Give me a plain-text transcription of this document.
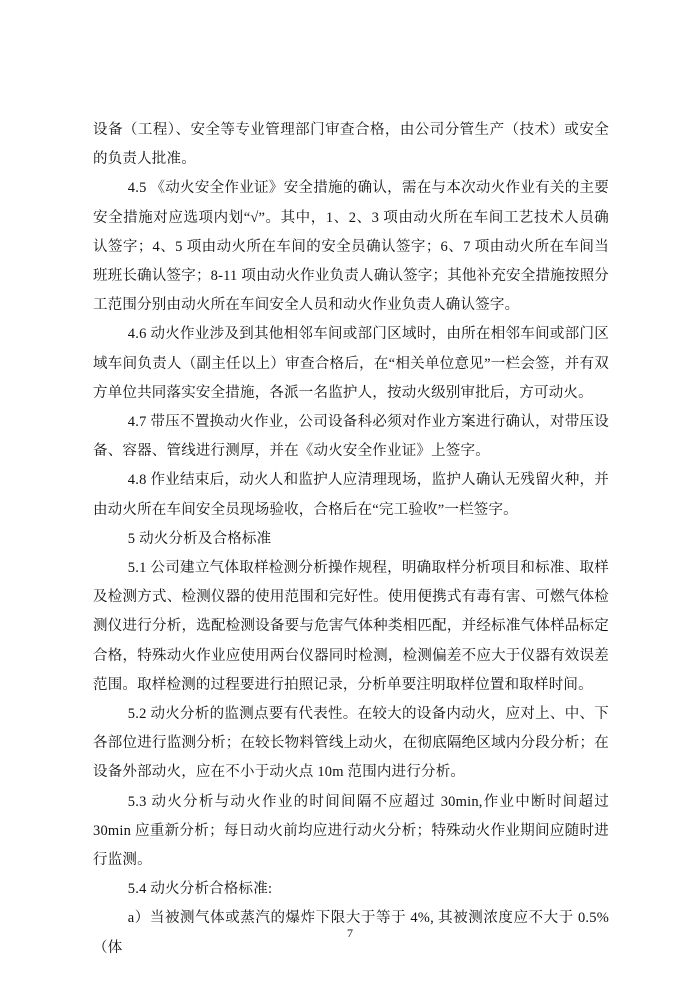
设备（工程）、安全等专业管理部门审查合格，由公司分管生产（技术）或安全的负责人批准。

4.5 《动火安全作业证》安全措施的确认，需在与本次动火作业有关的主要安全措施对应选项内划“√”。其中，1、2、3 项由动火所在车间工艺技术人员确认签字；4、5 项由动火所在车间的安全员确认签字；6、7 项由动火所在车间当班班长确认签字；8-11 项由动火作业负责人确认签字；其他补充安全措施按照分工范围分别由动火所在车间安全人员和动火作业负责人确认签字。

4.6 动火作业涉及到其他相邻车间或部门区域时，由所在相邻车间或部门区域车间负责人（副主任以上）审查合格后，在“相关单位意见”一栏会签，并有双方单位共同落实安全措施，各派一名监护人，按动火级别审批后，方可动火。

4.7 带压不置换动火作业，公司设备科必须对作业方案进行确认，对带压设备、容器、管线进行测厚，并在《动火安全作业证》上签字。

4.8 作业结束后，动火人和监护人应清理现场，监护人确认无残留火种，并由动火所在车间安全员现场验收，合格后在“完工验收”一栏签字。

5 动火分析及合格标准

5.1 公司建立气体取样检测分析操作规程，明确取样分析项目和标准、取样及检测方式、检测仪器的使用范围和完好性。使用便携式有毒有害、可燃气体检测仪进行分析，选配检测设备要与危害气体种类相匹配，并经标准气体样品标定合格，特殊动火作业应使用两台仪器同时检测，检测偏差不应大于仪器有效误差范围。取样检测的过程要进行拍照记录，分析单要注明取样位置和取样时间。

5.2 动火分析的监测点要有代表性。在较大的设备内动火，应对上、中、下各部位进行监测分析；在较长物料管线上动火，在彻底隔绝区域内分段分析；在设备外部动火，应在不小于动火点 10m 范围内进行分析。

5.3 动火分析与动火作业的时间间隔不应超过 30min,作业中断时间超过 30min 应重新分析；每日动火前均应进行动火分析；特殊动火作业期间应随时进行监测。

5.4 动火分析合格标准:

a）当被测气体或蒸汽的爆炸下限大于等于 4%, 其被测浓度应不大于 0.5%（体

7
